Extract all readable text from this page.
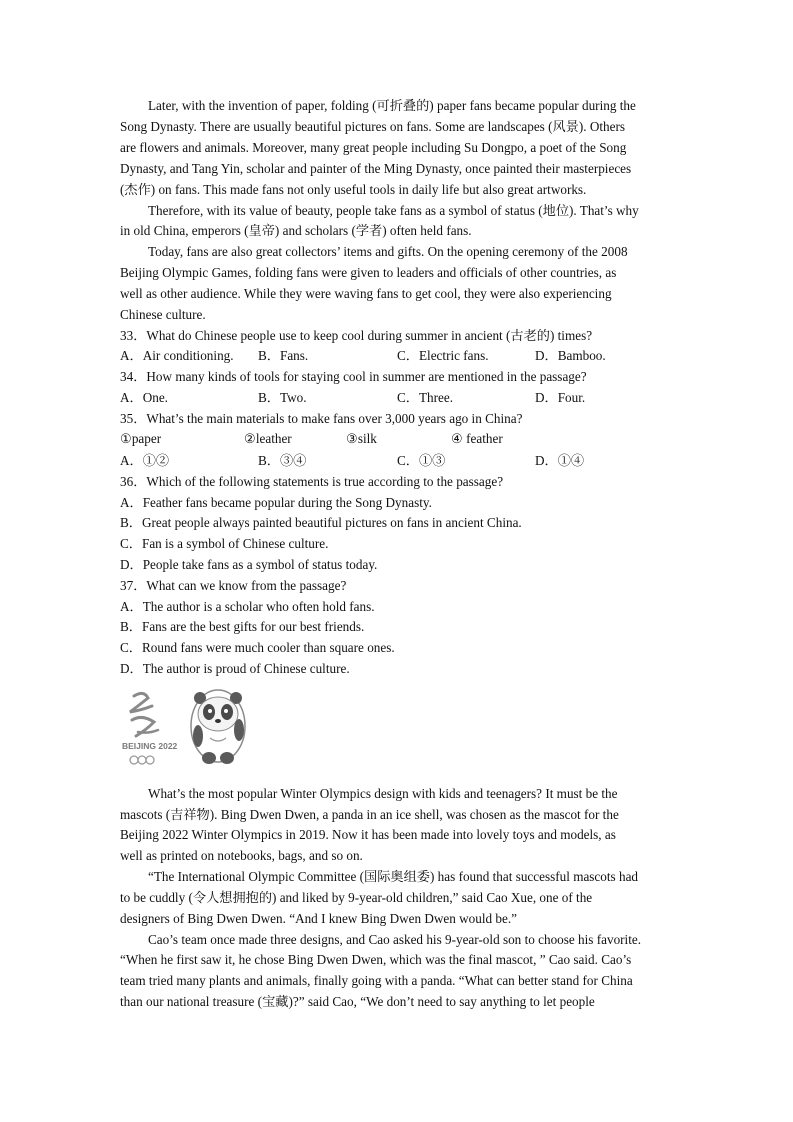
Later, with the invention of paper, folding (可折叠的) paper fans became popular during the
Song Dynasty. There are usually beautiful pictures on fans. Some are landscapes (风景). Others
are flowers and animals. Moreover, many great people including Su Dongpo, a poet of the Song
Dynasty, and Tang Yin, scholar and painter of the Ming Dynasty, once painted their masterpieces
(杰作) on fans. This made fans not only useful tools in daily life but also great artworks.
Therefore, with its value of beauty, people take fans as a symbol of status (地位). That’s why
in old China, emperors (皇帝) and scholars (学者) often held fans.
Today, fans are also great collectors’ items and gifts. On the opening ceremony of the 2008
Beijing Olympic Games, folding fans were given to leaders and officials of other countries, as
well as other audience. While they were waving fans to get cool, they were also experiencing
Chinese culture.
33．What do Chinese people use to keep cool during summer in ancient (古老的) times?
A．Air conditioning. B．Fans.	C．Electric fans.	D．Bamboo.
34．How many kinds of tools for staying cool in summer are mentioned in the passage?
A．One.	B．Two.	C．Three.	D．Four.
35．What’s the main materials to make fans over 3,000 years ago in China?
①paper	②leather	③silk	④ feather
A．①②	B．③④	C．①③	D．①④
36．Which of the following statements is true according to the passage?
A．Feather fans became popular during the Song Dynasty.
B．Great people always painted beautiful pictures on fans in ancient China.
C．Fan is a symbol of Chinese culture.
D．People take fans as a symbol of status today.
37．What can we know from the passage?
A．The author is a scholar who often hold fans.
B．Fans are the best gifts for our best friends.
C．Round fans were much cooler than square ones.
D．The author is proud of Chinese culture.
BEIJING 2022
What’s the most popular Winter Olympics design with kids and teenagers? It must be the
mascots (吉祥物). Bing Dwen Dwen, a panda in an ice shell, was chosen as the mascot for the
Beijing 2022 Winter Olympics in 2019. Now it has been made into lovely toys and models, as
well as printed on notebooks, bags, and so on.
“The International Olympic Committee (国际奥组委) has found that successful mascots had
to be cuddly (令人想拥抱的) and liked by 9-year-old children,” said Cao Xue, one of the
designers of Bing Dwen Dwen. “And I knew Bing Dwen Dwen would be.”
Cao’s team once made three designs, and Cao asked his 9-year-old son to choose his favorite.
“When he first saw it, he chose Bing Dwen Dwen, which was the final mascot, ” Cao said. Cao’s
team tried many plants and animals, finally going with a panda. “What can better stand for China
than our national treasure (宝藏)?” said Cao, “We don’t need to say anything to let people
